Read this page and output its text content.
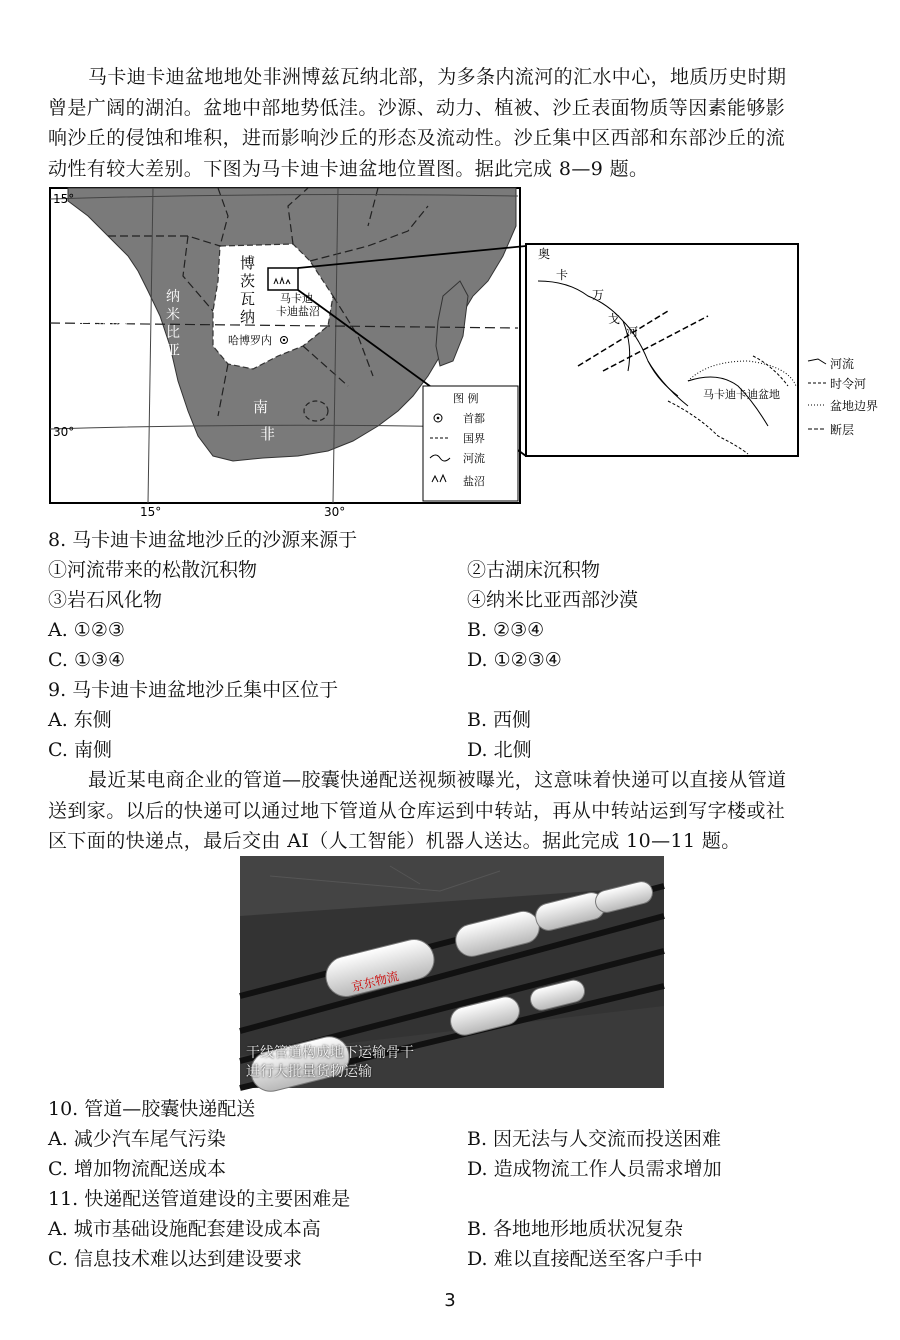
马卡迪卡迪盆地地处非洲博兹瓦纳北部，为多条内流河的汇水中心，地质历史时期
曾是广阔的湖泊。盆地中部地势低洼。沙源、动力、植被、沙丘表面物质等因素能够影
响沙丘的侵蚀和堆积，进而影响沙丘的形态及流动性。沙丘集中区西部和东部沙丘的流
动性有较大差别。下图为马卡迪卡迪盆地位置图。据此完成 8—9 题。
15°
30°
15°	30°
南回归线
纳
米
比
亚
博
茨
瓦
纳
马卡迪
卡迪盐沼
哈博罗内
南
非
图 例
首都
国界
河流
盐沼
奥
卡
万
戈
河
马卡迪卡迪盆地
河流
时令河
盆地边界
断层
8. 马卡迪卡迪盆地沙丘的沙源来源于
①河流带来的松散沉积物	②古湖床沉积物
③岩石风化物	④纳米比亚西部沙漠
A. ①②③	B. ②③④
C. ①③④	D. ①②③④
9. 马卡迪卡迪盆地沙丘集中区位于
A. 东侧	B. 西侧
C. 南侧	D. 北侧
最近某电商企业的管道—胶囊快递配送视频被曝光，这意味着快递可以直接从管道
送到家。以后的快递可以通过地下管道从仓库运到中转站，再从中转站运到写字楼或社
区下面的快递点，最后交由 AI（人工智能）机器人送达。据此完成 10—11 题。
京东物流
干线管道构成地下运输骨干
进行大批量货物运输
10. 管道—胶囊快递配送
A. 减少汽车尾气污染	B. 因无法与人交流而投送困难
C. 增加物流配送成本	D. 造成物流工作人员需求增加
11. 快递配送管道建设的主要困难是
A. 城市基础设施配套建设成本高	B. 各地地形地质状况复杂
C. 信息技术难以达到建设要求	D. 难以直接配送至客户手中
3
